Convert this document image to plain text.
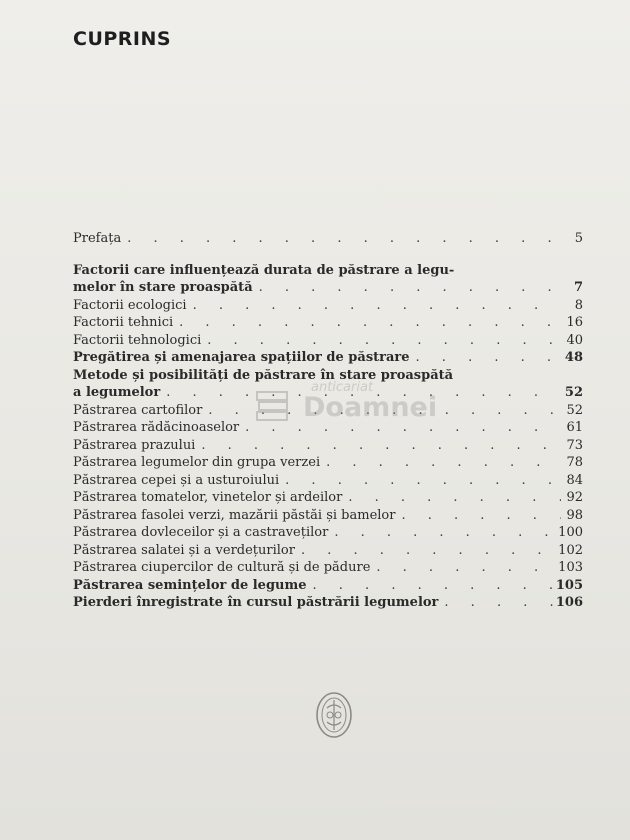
CUPRINS
Prefața . . .	5
Factorii care influențează durata de păstrare a legu-
melor în stare proaspătă . . .	7
Factorii ecologici . . .	8
Factorii tehnici . . .	16
Factorii tehnologici . . .	40
Pregătirea și amenajarea spațiilor de păstrare . . .	48
Metode și posibilități de păstrare în stare proaspătă
a legumelor . . .	52
Păstrarea cartofilor . . .	52
Păstrarea rădăcinoaselor . . .	61
Păstrarea prazului . . .	73
Păstrarea legumelor din grupa verzei . . .	78
Păstrarea cepei și a usturoiului . . .	84
Păstrarea tomatelor, vinetelor și ardeilor . . .	92
Păstrarea fasolei verzi, mazării păstăi și bamelor . . .	98
Păstrarea dovleceilor și a castraveților . . .	100
Păstrarea salatei și a verdețurilor . . .	102
Păstrarea ciupercilor de cultură și de pădure . . .	103
Păstrarea semințelor de legume . . .	105
Pierderi înregistrate în cursul păstrării legumelor . . .	106
anticariat
Doamnei
